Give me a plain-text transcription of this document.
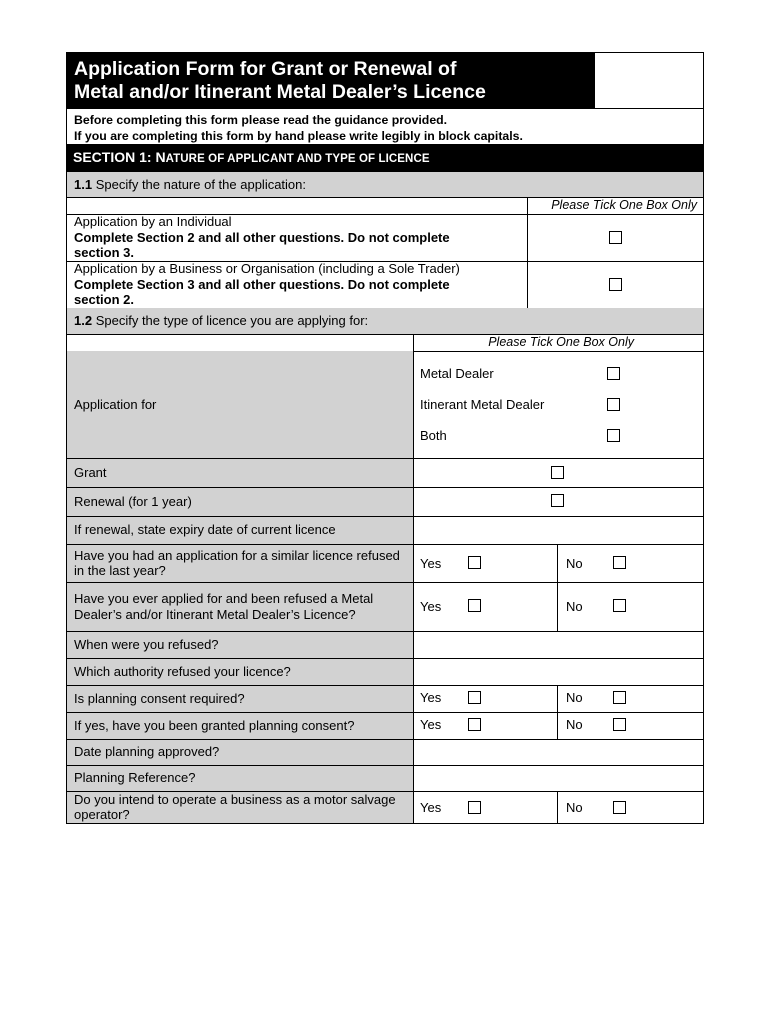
Application Form for Grant or Renewal of
Metal and/or Itinerant Metal Dealer’s Licence
Before completing this form please read the guidance provided.
If you are completing this form by hand please write legibly in block capitals.
SECTION 1: NATURE OF APPLICANT AND TYPE OF LICENCE
1.1 Specify the nature of the application:
Please Tick One Box Only
Application by an Individual
Complete Section 2 and all other questions. Do not complete
section 3.
Application by a Business or Organisation (including a Sole Trader)
Complete Section 3 and all other questions. Do not complete
section 2.
1.2 Specify the type of licence you are applying for:
Please Tick One Box Only
Application for
Metal Dealer
Itinerant Metal Dealer
Both
Grant
Renewal (for 1 year)
If renewal, state expiry date of current licence
Have you had an application for a similar licence refused in the last year?	Yes	No
Have you ever applied for and been refused a Metal Dealer’s and/or Itinerant Metal Dealer’s Licence?	Yes	No
When were you refused?
Which authority refused your licence?
Is planning consent required?	Yes	No
If yes, have you been granted planning consent?	Yes	No
Date planning approved?
Planning Reference?
Do you intend to operate a business as a motor salvage operator?	Yes	No
